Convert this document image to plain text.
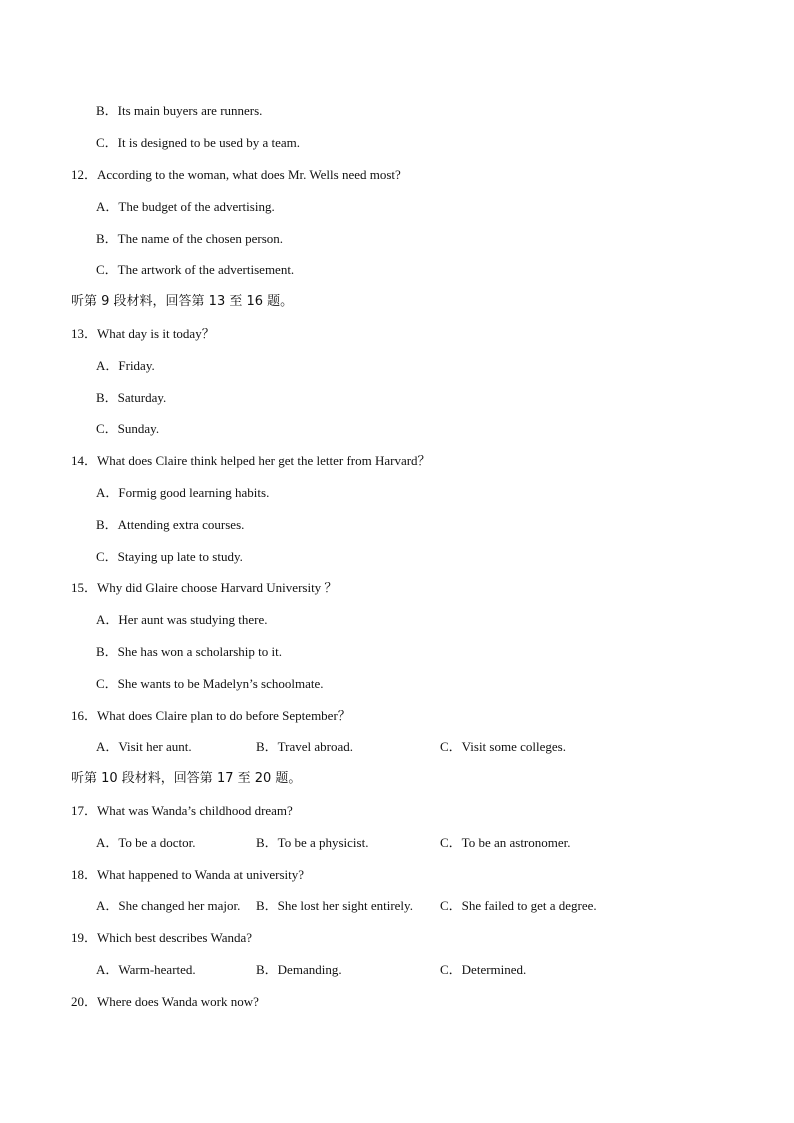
B．Its main buyers are runners.
C．It is designed to be used by a team.
12．According to the woman, what does Mr. Wells need most?
A．The budget of the advertising.
B．The name of the chosen person.
C．The artwork of the advertisement.
听第 9 段材料，回答第 13 至 16 题。
13．What day is it today？
A．Friday.
B．Saturday.
C．Sunday.
14．What does Claire think helped her get the letter from Harvard？
A．Formig good learning habits.
B．Attending extra courses.
C．Staying up late to study.
15．Why did Glaire choose Harvard University ？
A．Her aunt was studying there.
B．She has won a scholarship to it.
C．She wants to be Madelyn’s schoolmate.
16．What does Claire plan to do before September？
A．Visit her aunt.	B．Travel abroad.	C．Visit some colleges.
听第 10 段材料，回答第 17 至 20 题。
17．What was Wanda’s childhood dream?
A．To be a doctor.	B．To be a physicist.	C．To be an astronomer.
18．What happened to Wanda at university?
A．She changed her major. B．She lost her sight entirely. C．She failed to get a degree.
19．Which best describes Wanda?
A．Warm-hearted.	B．Demanding.	C．Determined.
20．Where does Wanda work now?
